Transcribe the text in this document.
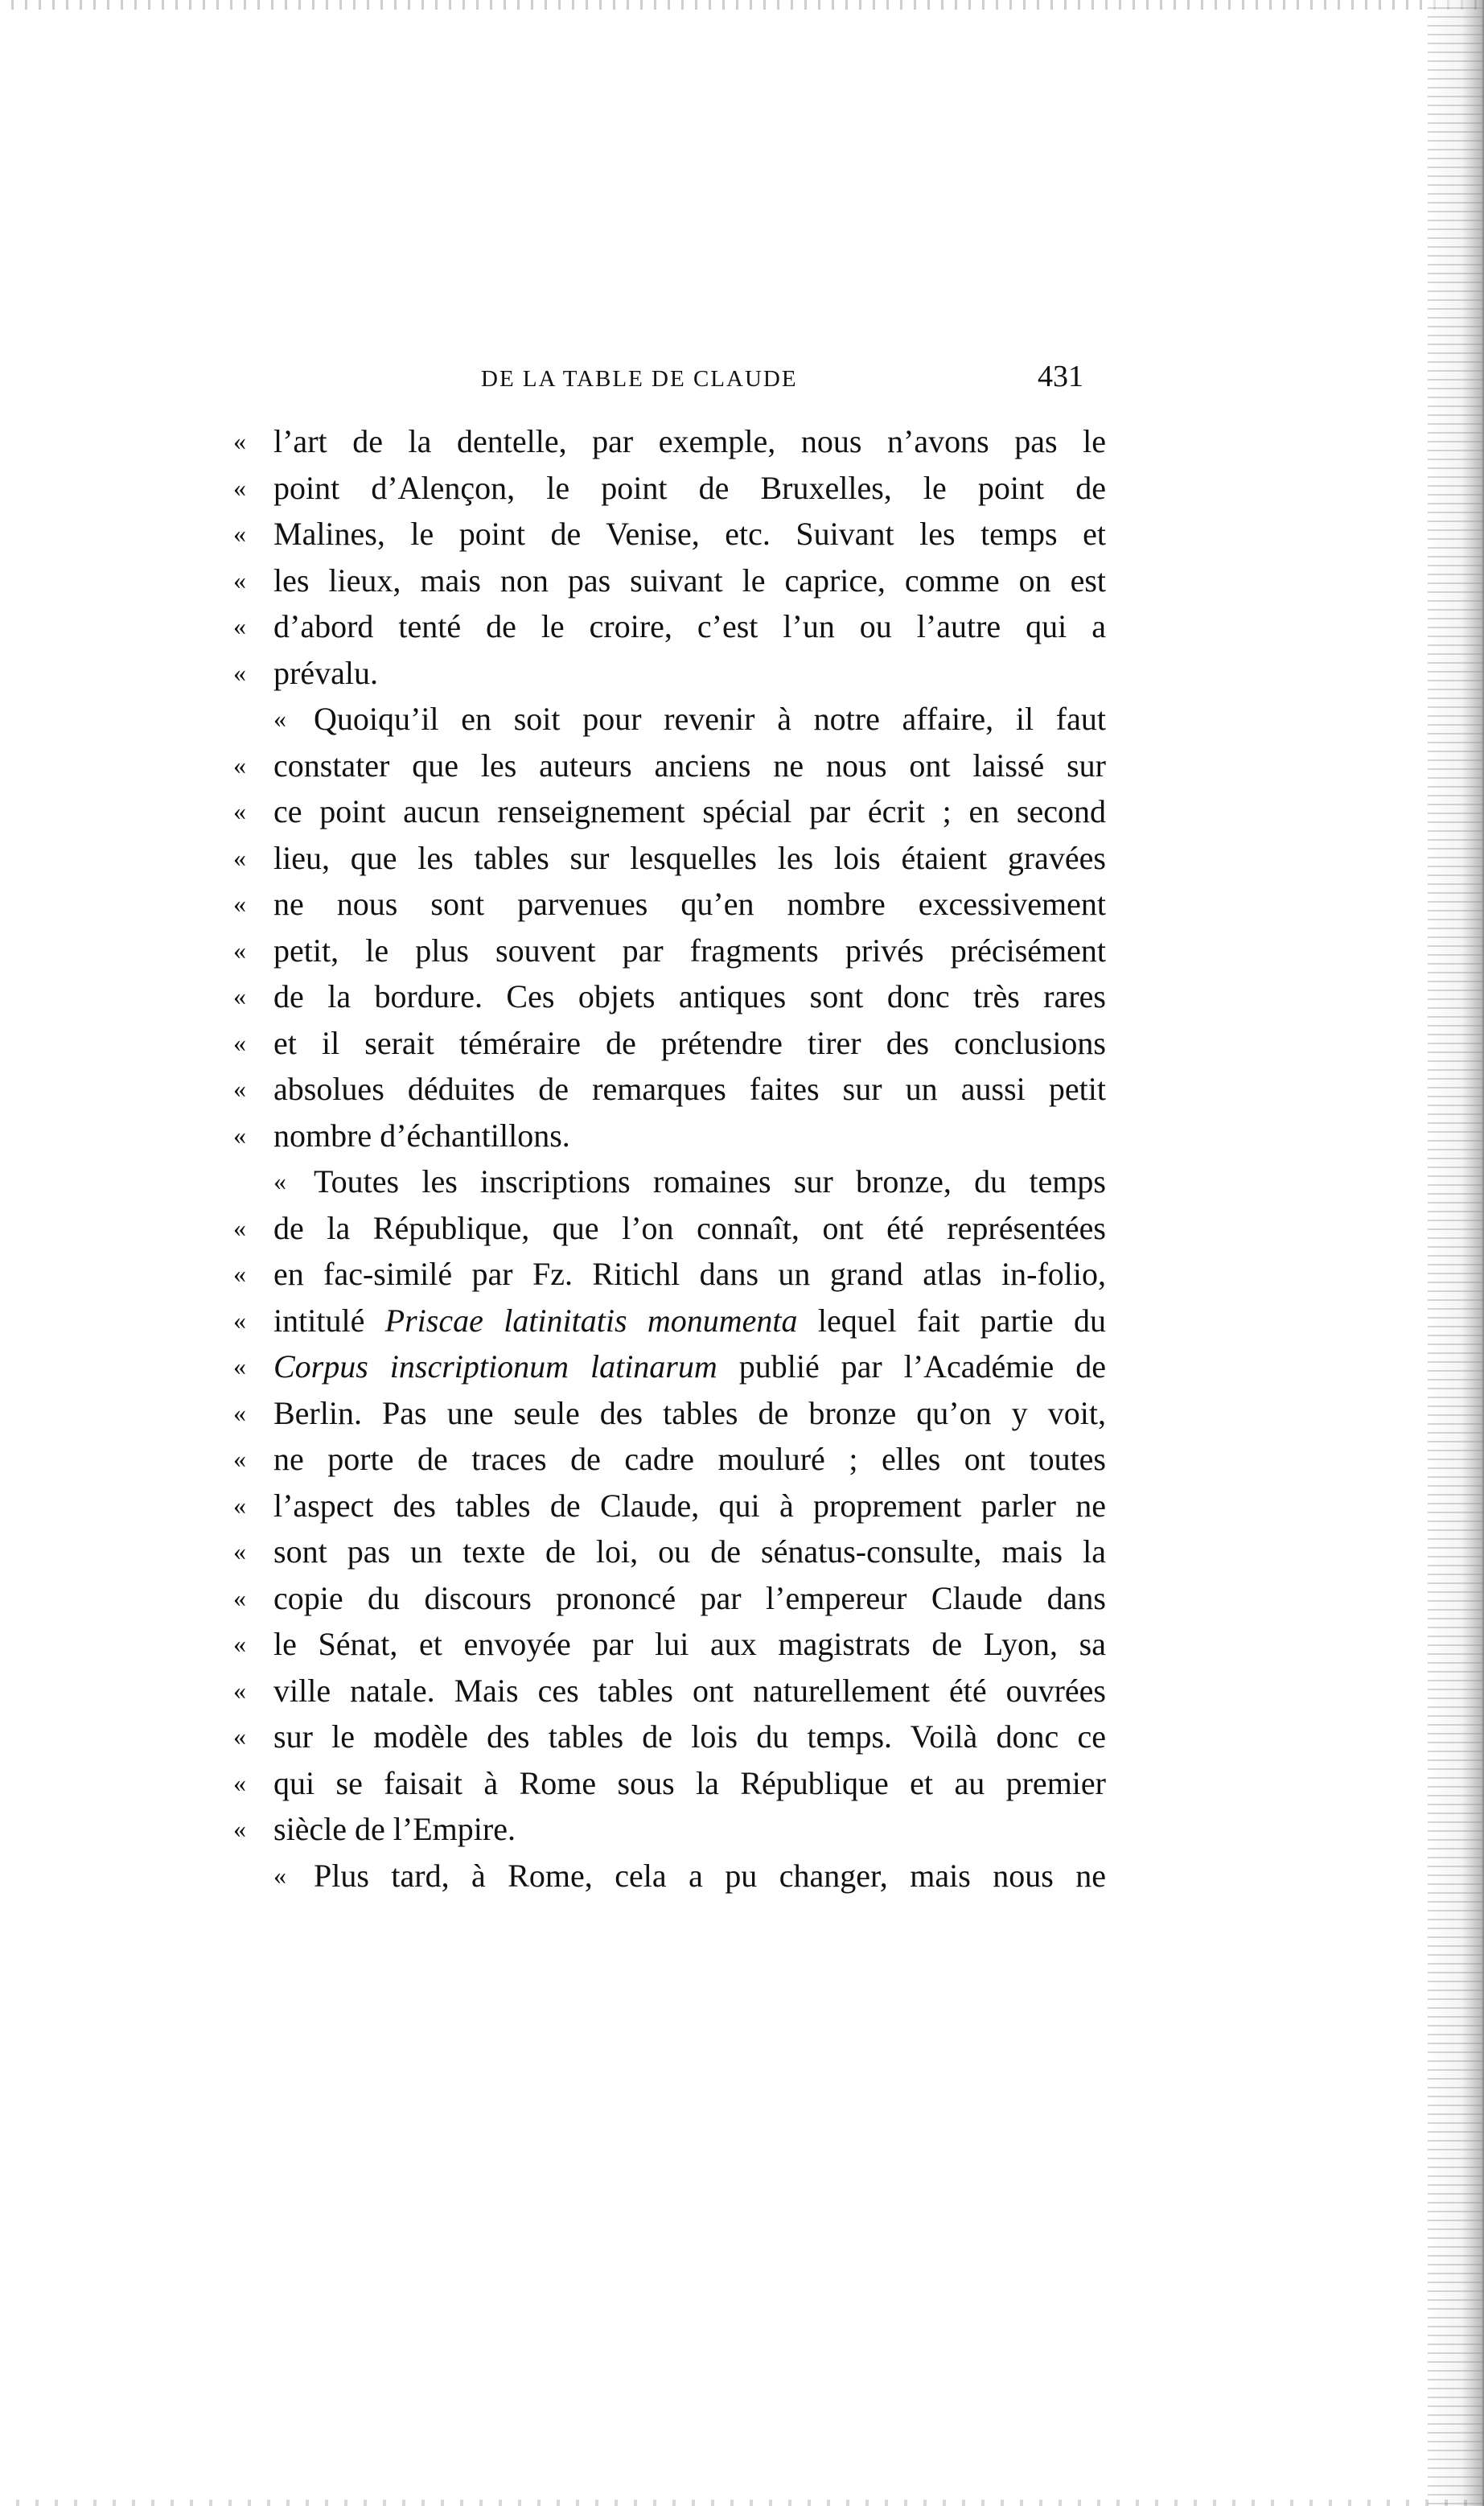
DE LA TABLE DE CLAUDE	431
« l’art de la dentelle, par exemple, nous n’avons pas le
« point d’Alençon, le point de Bruxelles, le point de
« Malines, le point de Venise, etc. Suivant les temps et
« les lieux, mais non pas suivant le caprice, comme on est
« d’abord tenté de le croire, c’est l’un ou l’autre qui a
« prévalu.
« Quoiqu’il en soit pour revenir à notre affaire, il faut
« constater que les auteurs anciens ne nous ont laissé sur
« ce point aucun renseignement spécial par écrit ; en second
« lieu, que les tables sur lesquelles les lois étaient gravées
« ne nous sont parvenues qu’en nombre excessivement
« petit, le plus souvent par fragments privés précisément
« de la bordure. Ces objets antiques sont donc très rares
« et il serait téméraire de prétendre tirer des conclusions
« absolues déduites de remarques faites sur un aussi petit
« nombre d’échantillons.
« Toutes les inscriptions romaines sur bronze, du temps
« de la République, que l’on connaît, ont été représentées
« en fac-similé par Fz. Ritichl dans un grand atlas in-folio,
« intitulé Priscae latinitatis monumenta lequel fait partie du
« Corpus inscriptionum latinarum publié par l’Académie de
« Berlin. Pas une seule des tables de bronze qu’on y voit,
« ne porte de traces de cadre mouluré ; elles ont toutes
« l’aspect des tables de Claude, qui à proprement parler ne
« sont pas un texte de loi, ou de sénatus-consulte, mais la
« copie du discours prononcé par l’empereur Claude dans
« le Sénat, et envoyée par lui aux magistrats de Lyon, sa
« ville natale. Mais ces tables ont naturellement été ouvrées
« sur le modèle des tables de lois du temps. Voilà donc ce
« qui se faisait à Rome sous la République et au premier
« siècle de l’Empire.
« Plus tard, à Rome, cela a pu changer, mais nous ne
